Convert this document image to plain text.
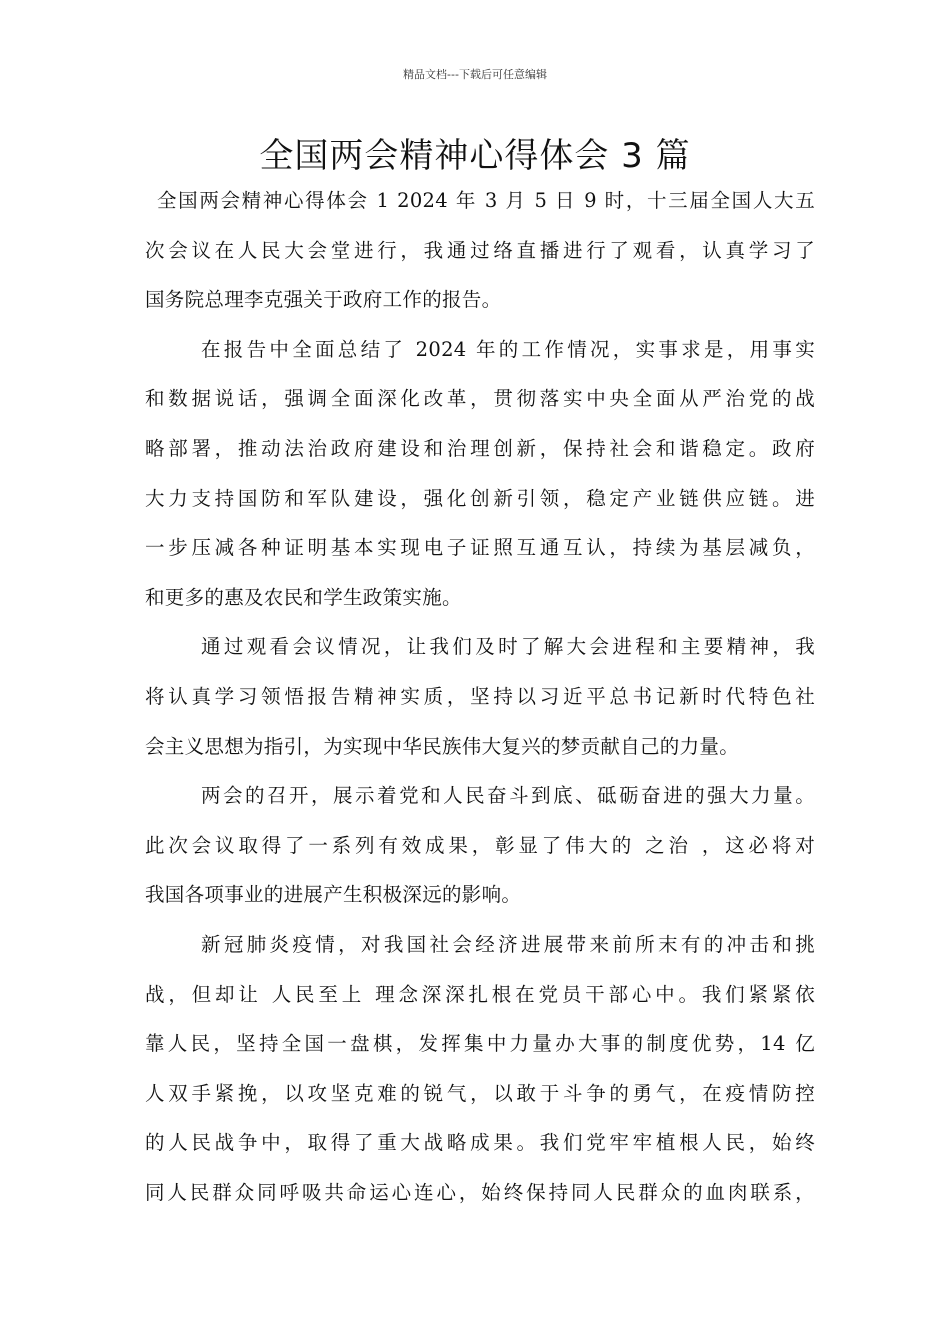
精品文档---下载后可任意编辑
全国两会精神心得体会 3 篇
全国两会精神心得体会 1 2024 年 3 月 5 日 9 时，十三届全国人大五
次会议在人民大会堂进行，我通过络直播进行了观看，认真学习了
国务院总理李克强关于政府工作的报告。
在报告中全面总结了 2024 年的工作情况，实事求是，用事实
和数据说话，强调全面深化改革，贯彻落实中央全面从严治党的战
略部署，推动法治政府建设和治理创新，保持社会和谐稳定。政府
大力支持国防和军队建设，强化创新引领，稳定产业链供应链。进
一步压减各种证明基本实现电子证照互通互认，持续为基层减负，
和更多的惠及农民和学生政策实施。
通过观看会议情况，让我们及时了解大会进程和主要精神，我
将认真学习领悟报告精神实质，坚持以习近平总书记新时代特色社
会主义思想为指引，为实现中华民族伟大复兴的梦贡献自己的力量。
两会的召开，展示着党和人民奋斗到底、砥砺奋进的强大力量。
此次会议取得了一系列有效成果，彰显了伟大的 之治 ，这必将对
我国各项事业的进展产生积极深远的影响。
新冠肺炎疫情，对我国社会经济进展带来前所末有的冲击和挑
战，但却让 人民至上 理念深深扎根在党员干部心中。我们紧紧依
靠人民，坚持全国一盘棋，发挥集中力量办大事的制度优势，14 亿
人双手紧挽，以攻坚克难的锐气，以敢于斗争的勇气，在疫情防控
的人民战争中，取得了重大战略成果。我们党牢牢植根人民，始终
同人民群众同呼吸共命运心连心，始终保持同人民群众的血肉联系，
